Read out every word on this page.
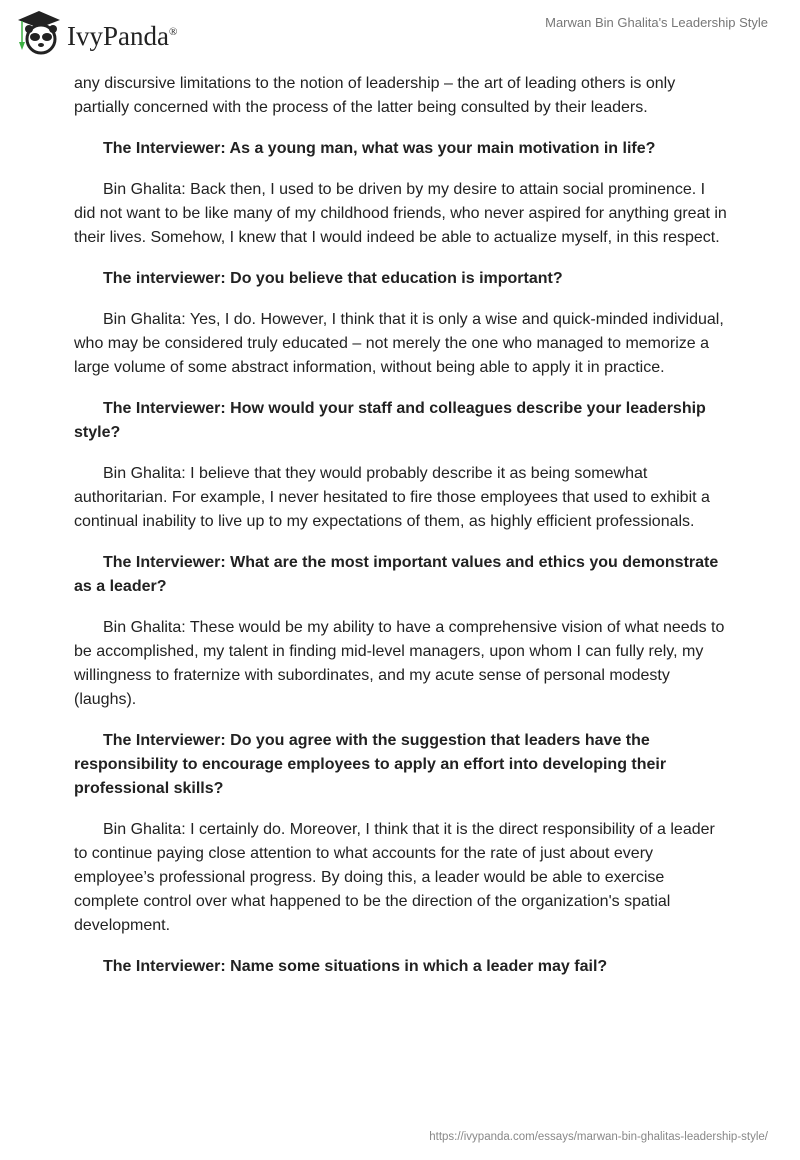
IvyPanda®
Marwan Bin Ghalita's Leadership Style

any discursive limitations to the notion of leadership – the art of leading others is only partially concerned with the process of the latter being consulted by their leaders.

The Interviewer: As a young man, what was your main motivation in life?

Bin Ghalita: Back then, I used to be driven by my desire to attain social prominence. I did not want to be like many of my childhood friends, who never aspired for anything great in their lives. Somehow, I knew that I would indeed be able to actualize myself, in this respect.

The interviewer: Do you believe that education is important?

Bin Ghalita: Yes, I do. However, I think that it is only a wise and quick-minded individual, who may be considered truly educated – not merely the one who managed to memorize a large volume of some abstract information, without being able to apply it in practice.

The Interviewer: How would your staff and colleagues describe your leadership style?

Bin Ghalita: I believe that they would probably describe it as being somewhat authoritarian. For example, I never hesitated to fire those employees that used to exhibit a continual inability to live up to my expectations of them, as highly efficient professionals.

The Interviewer: What are the most important values and ethics you demonstrate as a leader?

Bin Ghalita: These would be my ability to have a comprehensive vision of what needs to be accomplished, my talent in finding mid-level managers, upon whom I can fully rely, my willingness to fraternize with subordinates, and my acute sense of personal modesty (laughs).

The Interviewer: Do you agree with the suggestion that leaders have the responsibility to encourage employees to apply an effort into developing their professional skills?

Bin Ghalita: I certainly do. Moreover, I think that it is the direct responsibility of a leader to continue paying close attention to what accounts for the rate of just about every employee’s professional progress. By doing this, a leader would be able to exercise complete control over what happened to be the direction of the organization's spatial development.

The Interviewer: Name some situations in which a leader may fail?

https://ivypanda.com/essays/marwan-bin-ghalitas-leadership-style/
